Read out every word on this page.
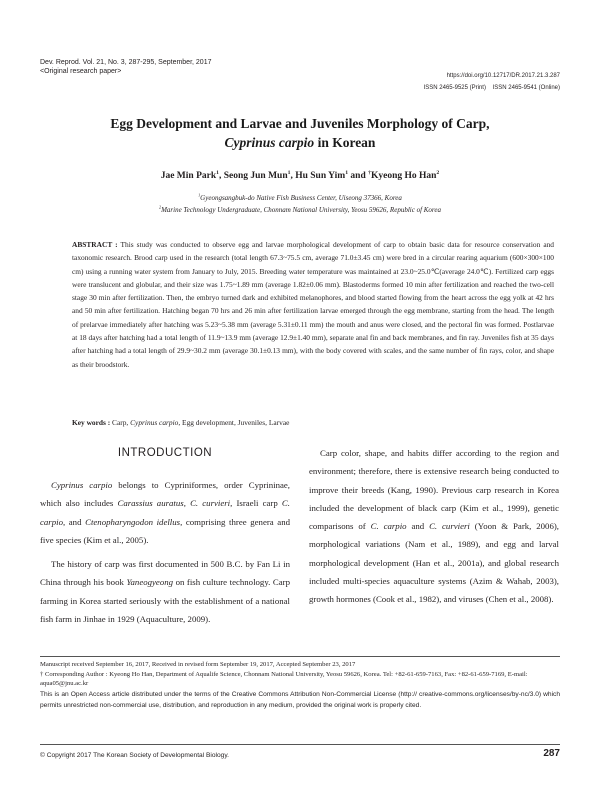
Dev. Reprod. Vol. 21, No. 3, 287-295, September, 2017
<Original research paper>
https://doi.org/10.12717/DR.2017.21.3.287
ISSN 2465-9525 (Print)    ISSN 2465-9541 (Online)
Egg Development and Larvae and Juveniles Morphology of Carp,
Cyprinus carpio in Korean
Jae Min Park$^1$, Seong Jun Mun$^1$, Hu Sun Yim$^1$ and †Kyeong Ho Han$^2$
$^1$Gyeongsangbuk-do Native Fish Business Center, Uiseong 37366, Korea
$^2$Marine Technology Undergraduate, Chonnam National University, Yeosu 59626, Republic of Korea
ABSTRACT : This study was conducted to observe egg and larvae morphological development of carp to obtain basic data for resource conservation and taxonomic research. Brood carp used in the research (total length 67.3~75.5 cm, average 71.0±3.45 cm) were bred in a circular rearing aquarium (600×300×100 cm) using a running water system from January to July, 2015. Breeding water temperature was maintained at 23.0~25.0℃(average 24.0℃). Fertilized carp eggs were translucent and globular, and their size was 1.75~1.89 mm (average 1.82±0.06 mm). Blastoderms formed 10 min after fertilization and reached the two-cell stage 30 min after fertilization. Then, the embryo turned dark and exhibited melanophores, and blood started flowing from the heart across the egg yolk at 42 hrs and 50 min after fertilization. Hatching began 70 hrs and 26 min after fertilization larvae emerged through the egg membrane, starting from the head. The length of prelarvae immediately after hatching was 5.23~5.38 mm (average 5.31±0.11 mm) the mouth and anus were closed, and the pectoral fin was formed. Postlarvae at 18 days after hatching had a total length of 11.9~13.9 mm (average 12.9±1.40 mm), separate anal fin and back membranes, and fin ray. Juveniles fish at 35 days after hatching had a total length of 29.9~30.2 mm (average 30.1±0.13 mm), with the body covered with scales, and the same number of fin rays, color, and shape as their broodstork.
Key words : Carp, Cyprinus carpio, Egg development, Juveniles, Larvae
INTRODUCTION

Cyprinus carpio belongs to Cypriniformes, order Cyprininae, which also includes Carassius auratus, C. curvieri, Israeli carp C. carpio, and Ctenopharyngodon idellus, comprising three genera and five species (Kim et al., 2005).

The history of carp was first documented in 500 B.C. by Fan Li in China through his book Yaneogyeong on fish culture technology. Carp farming in Korea started seriously with the establishment of a national fish farm in Jinhae in 1929 (Aquaculture, 2009).

Carp color, shape, and habits differ according to the region and environment; therefore, there is extensive research being conducted to improve their breeds (Kang, 1990). Previous carp research in Korea included the development of black carp (Kim et al., 1999), genetic comparisons of C. carpio and C. curvieri (Yoon & Park, 2006), morphological variations (Nam et al., 1989), and egg and larval morphological development (Han et al., 2001a), and global research included multi-species aquaculture systems (Azim & Wahab, 2003), growth hormones (Cook et al., 1982), and viruses (Chen et al., 2008).

Manuscript received September 16, 2017, Received in revised form September 19, 2017, Accepted September 23, 2017
† Corresponding Author : Kyeong Ho Han, Department of Aqualife Science, Chonnam National University, Yeosu 59626, Korea. Tel: +82-61-659-7163, Fax: +82-61-659-7169, E-mail: aqua05@jnu.ac.kr
This is an Open Access article distributed under the terms of the Creative Commons Attribution Non-Commercial License (http:// creative-commons.org/licenses/by-nc/3.0) which permits unrestricted non-commercial use, distribution, and reproduction in any medium, provided the original work is properly cited.
© Copyright 2017 The Korean Society of Developmental Biology.	287
